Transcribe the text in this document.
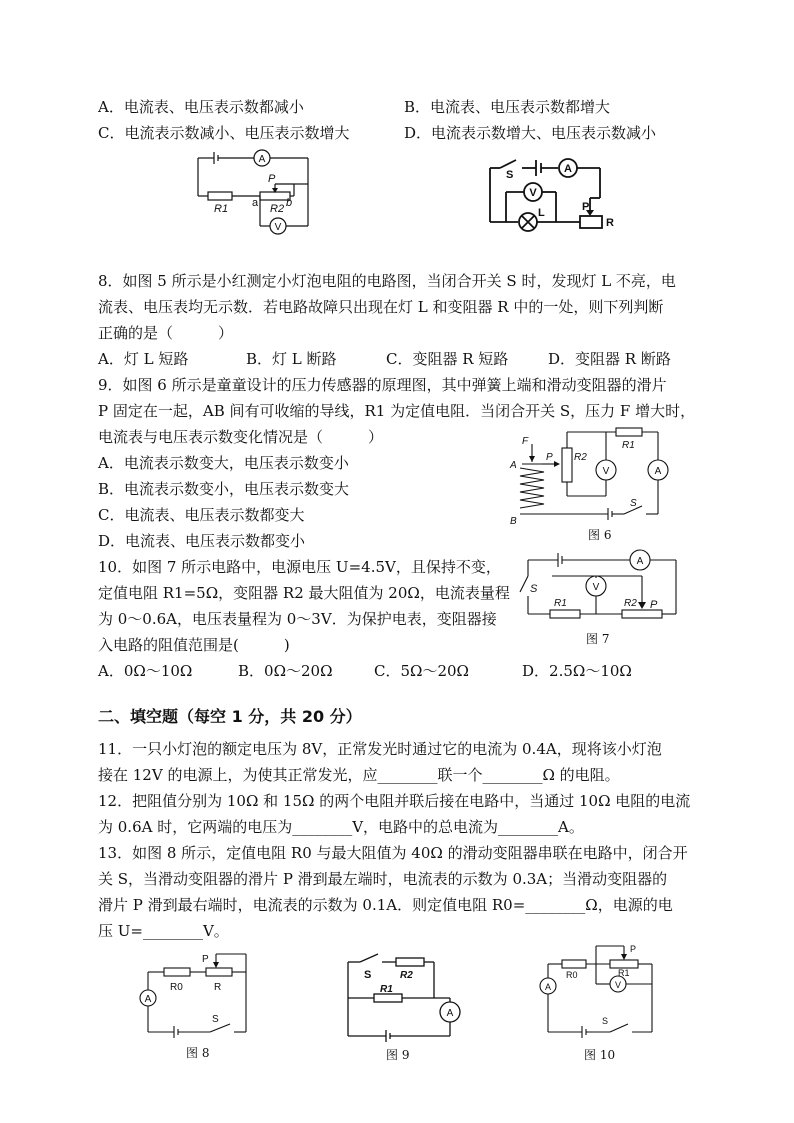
A．电流表、电压表示数都减小	B．电流表、电压表示数都增大
C．电流表示数减小、电压表示数增大	D．电流表示数增大、电压表示数减小
A
V
P
R1	R2
a	b
A
V
S
L	P
R
8．如图 5 所示是小红测定小灯泡电阻的电路图，当闭合开关 S 时，发现灯 L 不亮，电
流表、电压表均无示数．若电路故障只出现在灯 L 和变阻器 R 中的一处，则下列判断
正确的是（　　　）
A．灯 L 短路	B．灯 L 断路	C．变阻器 R 短路	D．变阻器 R 断路
9．如图 6 所示是童童设计的压力传感器的原理图，其中弹簧上端和滑动变阻器的滑片
P 固定在一起，AB 间有可收缩的导线，R1 为定值电阻．当闭合开关 S，压力 F 增大时，
电流表与电压表示数变化情况是（　　　）
A．电流表示数变大，电压表示数变小
B．电流表示数变小，电压表示数变大
C．电流表、电压表示数都变大
D．电流表、电压表示数都变小
F
A
P
B
R2
R1
V	A
S
图 6
10．如图 7 所示电路中，电源电压 U=4.5V，且保持不变，
定值电阻 R1=5Ω，变阻器 R2 最大阻值为 20Ω，电流表量程
为 0～0.6A，电压表量程为 0～3V．为保护电表，变阻器接
入电路的阻值范围是(　　　)
A．0Ω～10Ω	B．0Ω～20Ω	C．5Ω～20Ω	D．2.5Ω～10Ω
A
V
S
R1	R2 P
图 7
二、填空题（每空 1 分，共 20 分）
11．一只小灯泡的额定电压为 8V，正常发光时通过它的电流为 0.4A，现将该小灯泡
接在 12V 的电源上，为使其正常发光，应________联一个________Ω 的电阻。
12．把阻值分别为 10Ω 和 15Ω 的两个电阻并联后接在电路中，当通过 10Ω 电阻的电流
为 0.6A 时，它两端的电压为________V，电路中的总电流为________A。
13．如图 8 所示，定值电阻 R0 与最大阻值为 40Ω 的滑动变阻器串联在电路中，闭合开
关 S，当滑动变阻器的滑片 P 滑到最左端时，电流表的示数为 0.3A；当滑动变阻器的
滑片 P 滑到最右端时，电流表的示数为 0.1A．则定值电阻 R0=________Ω，电源的电
压 U=________V。
A
R0	R
P
S
图 8
A
S	R2
R1
图 9
A	V
R0	R1
P
S
图 10
